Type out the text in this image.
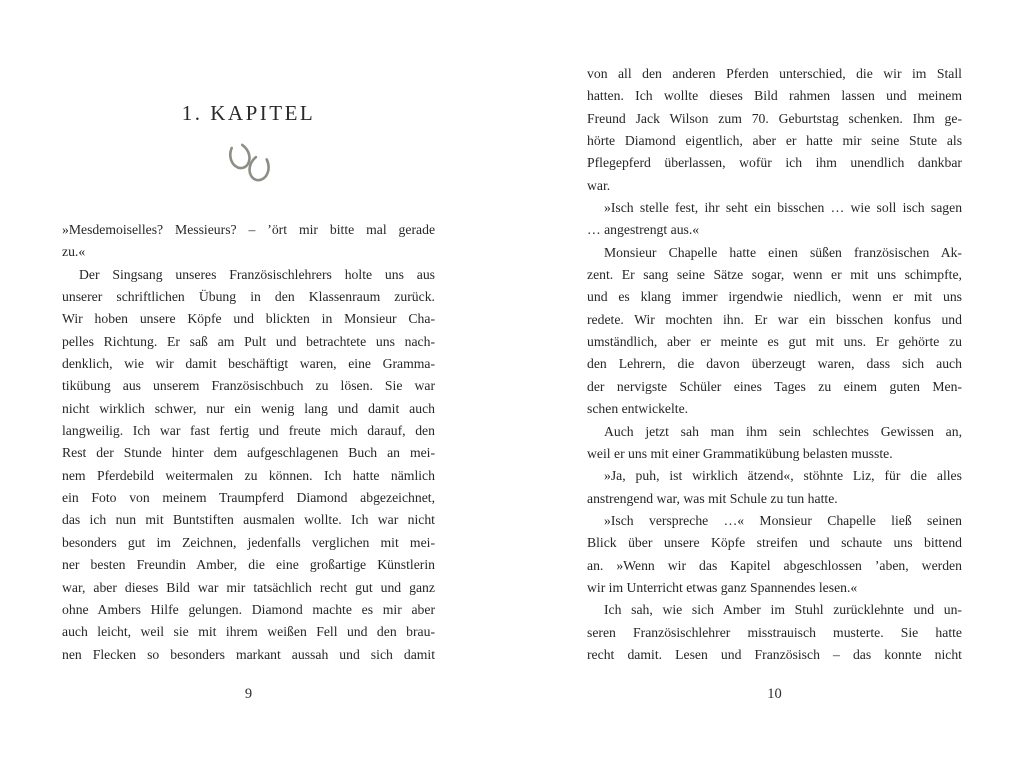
1. KAPITEL
»Mesdemoiselles? Messieurs? – ’ört mir bitte mal gerade
zu.«
Der Singsang unseres Französischlehrers holte uns aus
unserer schriftlichen Übung in den Klassenraum zurück.
Wir hoben unsere Köpfe und blickten in Monsieur Cha-
pelles Richtung. Er saß am Pult und betrachtete uns nach-
denklich, wie wir damit beschäftigt waren, eine Gramma-
tikübung aus unserem Französischbuch zu lösen. Sie war
nicht wirklich schwer, nur ein wenig lang und damit auch
langweilig. Ich war fast fertig und freute mich darauf, den
Rest der Stunde hinter dem aufgeschlagenen Buch an mei-
nem Pferdebild weitermalen zu können. Ich hatte nämlich
ein Foto von meinem Traumpferd Diamond abgezeichnet,
das ich nun mit Buntstiften ausmalen wollte. Ich war nicht
besonders gut im Zeichnen, jedenfalls verglichen mit mei-
ner besten Freundin Amber, die eine großartige Künstlerin
war, aber dieses Bild war mir tatsächlich recht gut und ganz
ohne Ambers Hilfe gelungen. Diamond machte es mir aber
auch leicht, weil sie mit ihrem weißen Fell und den brau-
nen Flecken so besonders markant aussah und sich damit
9
von all den anderen Pferden unterschied, die wir im Stall
hatten. Ich wollte dieses Bild rahmen lassen und meinem
Freund Jack Wilson zum 70. Geburtstag schenken. Ihm ge-
hörte Diamond eigentlich, aber er hatte mir seine Stute als
Pflegepferd überlassen, wofür ich ihm unendlich dankbar
war.
»Isch stelle fest, ihr seht ein bisschen … wie soll isch sagen
… angestrengt aus.«
Monsieur Chapelle hatte einen süßen französischen Ak-
zent. Er sang seine Sätze sogar, wenn er mit uns schimpfte,
und es klang immer irgendwie niedlich, wenn er mit uns
redete. Wir mochten ihn. Er war ein bisschen konfus und
umständlich, aber er meinte es gut mit uns. Er gehörte zu
den Lehrern, die davon überzeugt waren, dass sich auch
der nervigste Schüler eines Tages zu einem guten Men-
schen entwickelte.
Auch jetzt sah man ihm sein schlechtes Gewissen an,
weil er uns mit einer Grammatikübung belasten musste.
»Ja, puh, ist wirklich ätzend«, stöhnte Liz, für die alles
anstrengend war, was mit Schule zu tun hatte.
»Isch verspreche …« Monsieur Chapelle ließ seinen
Blick über unsere Köpfe streifen und schaute uns bittend
an. »Wenn wir das Kapitel abgeschlossen ’aben, werden
wir im Unterricht etwas ganz Spannendes lesen.«
Ich sah, wie sich Amber im Stuhl zurücklehnte und un-
seren Französischlehrer misstrauisch musterte. Sie hatte
recht damit. Lesen und Französisch – das konnte nicht
10
